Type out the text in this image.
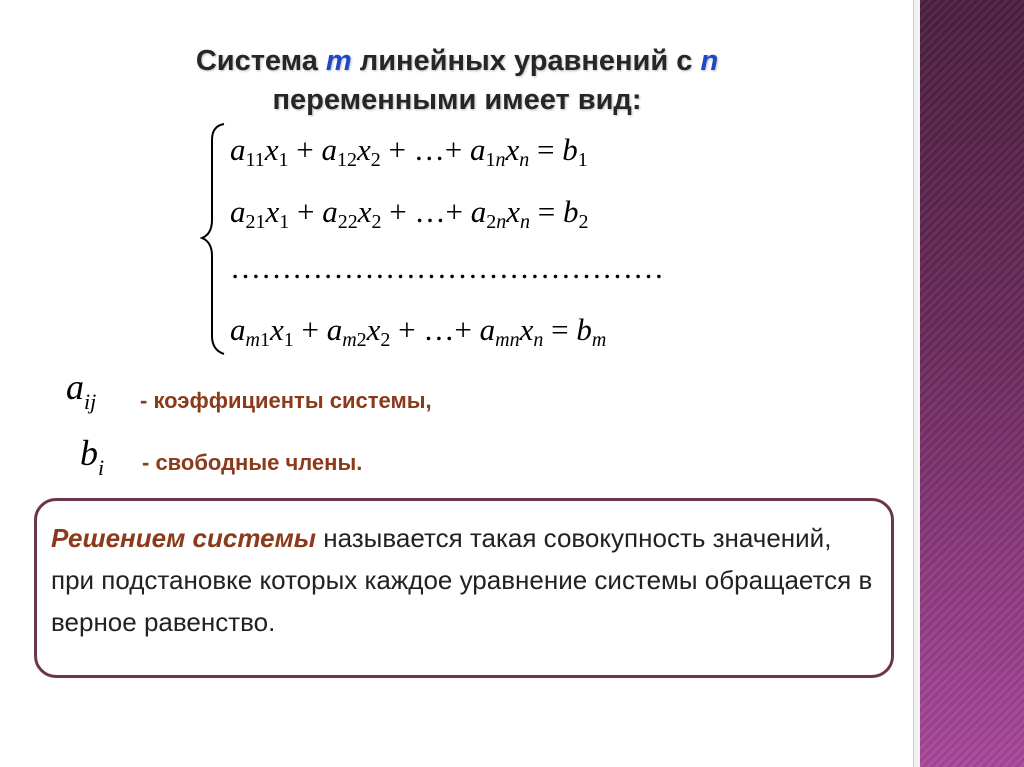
Система m линейных уравнений с n
переменными имеет вид:
$a_{11}x_1 + a_{12}x_2$ + …+ $a_{1n}x_n = b_1$
$a_{21}x_1 + a_{22}x_2$ + …+ $a_{2n}x_n = b_2$
……………………………………
$a_{m1}x_1 + a_{m2}x_2$ + …+ $a_{mn}x_n = b_m$
$a_{ij}$ - коэффициенты системы,
$b_i$ - свободные члены.
Решением системы называется такая совокупность значений, при подстановке которых каждое уравнение системы обращается в верное равенство.
